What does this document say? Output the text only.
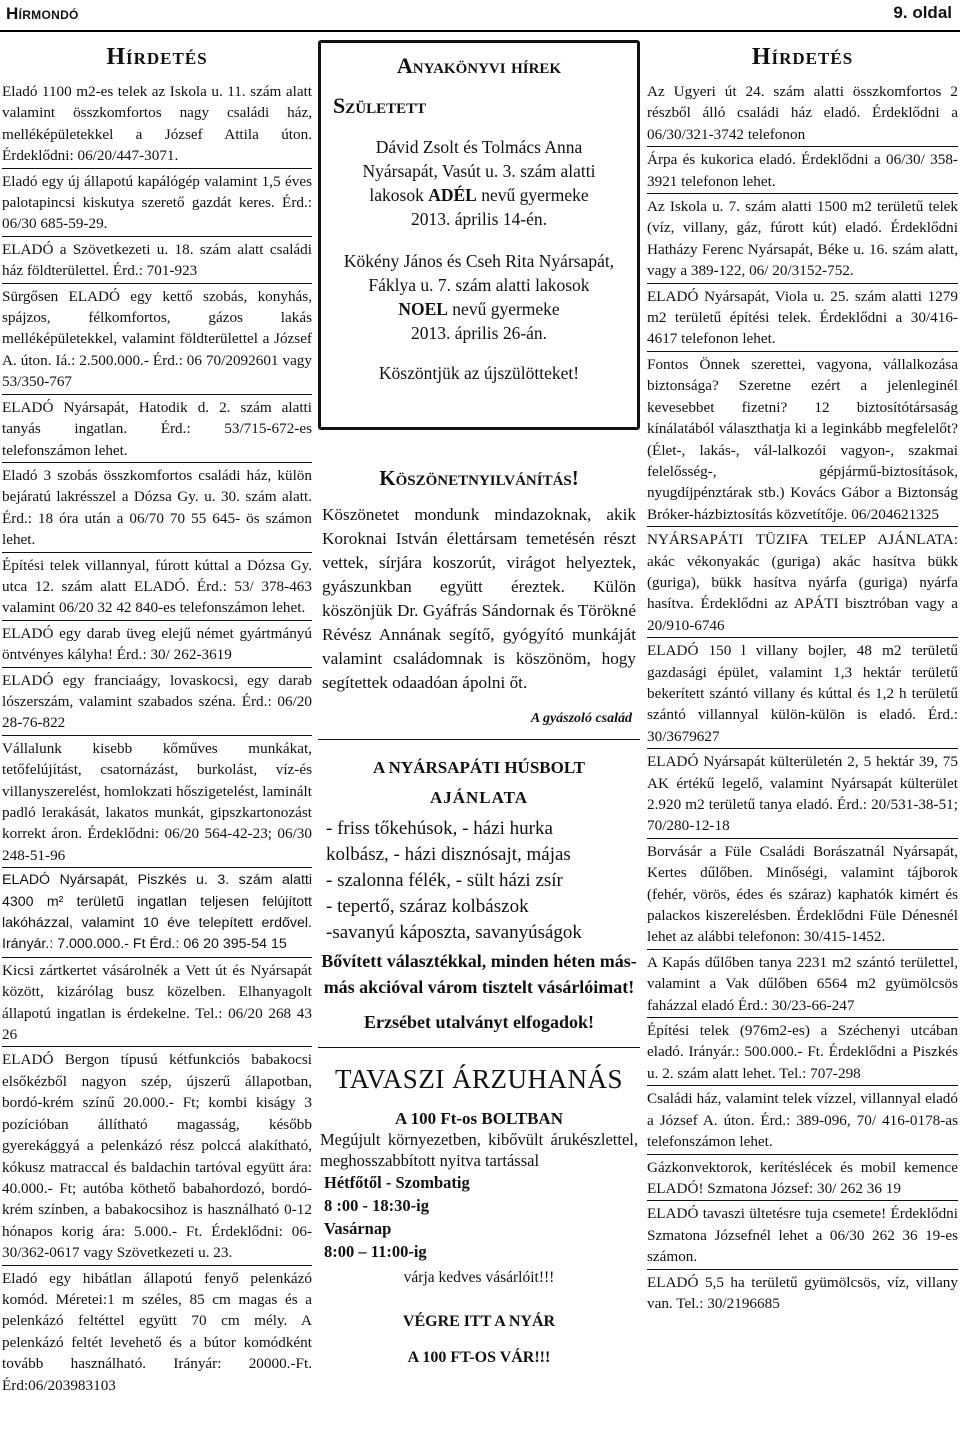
Hírmondó	9. oldal
Hírdetés
Eladó 1100 m2-es telek az Iskola u. 11. szám alatt valamint összkomfortos nagy családi ház, melléképületekkel a József Attila úton. Érdeklődni: 06/20/447-3071.
Eladó egy új állapotú kapálógép valamint 1,5 éves palotapincsi kiskutya szerető gazdát keres. Érd.: 06/30 685-59-29.
ELADÓ a Szövetkezeti u. 18. szám alatt családi ház földterülettel. Érd.: 701-923
Sürgősen ELADÓ egy kettő szobás, konyhás, spájzos, félkomfortos, gázos lakás melléképületekkel, valamint földterülettel a József A. úton. Iá.: 2.500.000.- Érd.: 06 70/2092601 vagy 53/350-767
ELADÓ Nyársapát, Hatodik d. 2. szám alatti tanyás ingatlan. Érd.: 53/715-672-es telefonszámon lehet.
Eladó 3 szobás összkomfortos családi ház, külön bejáratú lakrésszel a Dózsa Gy. u. 30. szám alatt. Érd.: 18 óra után a 06/70 70 55 645- ös számon lehet.
Építési telek villannyal, fúrott kúttal a Dózsa Gy. utca 12. szám alatt ELADÓ. Érd.: 53/ 378-463 valamint 06/20 32 42 840-es telefonszámon lehet.
ELADÓ egy darab üveg elejű német gyártmányú öntvényes kályha! Érd.: 30/ 262-3619
ELADÓ egy franciaágy, lovaskocsi, egy darab lószerszám, valamint szabados széna. Érd.: 06/20 28-76-822
Vállalunk kisebb kőműves munkákat, tetőfelújítást, csatornázást, burkolást, víz-és villanyszerelést, homlokzati hőszigetelést, laminált padló lerakását, lakatos munkát, gipszkartonozást korrekt áron. Érdeklődni: 06/20 564-42-23; 06/30 248-51-96
ELADÓ Nyársapát, Piszkés u. 3. szám alatti 4300 m² területű ingatlan teljesen felújított lakóházzal, valamint 10 éve telepített erdővel. Irányár.: 7.000.000.- Ft Érd.: 06 20 395-54 15
Kicsi zártkertet vásárolnék a Vett út és Nyársapát között, kizárólag busz közelben. Elhanyagolt állapotú ingatlan is érdekelne. Tel.: 06/20 268 43 26
ELADÓ Bergon típusú kétfunkciós babakocsi elsőkézből nagyon szép, újszerű állapotban, bordó-krém színű 20.000.- Ft; kombi kiságy 3 pozícióban állítható magasság, később gyerekággyá a pelenkázó rész polccá alakítható, kókusz matraccal és baldachin tartóval együtt ára: 40.000.- Ft; autóba köthető babahordozó, bordó-krém színben, a babakocsihoz is használható 0-12 hónapos korig ára: 5.000.- Ft. Érdeklődni: 06-30/362-0617 vagy Szövetkezeti u. 23.
Eladó egy hibátlan állapotú fenyő pelenkázó komód. Méretei:1 m széles, 85 cm magas és a pelenkázó feltéttel együtt 70 cm mély. A pelenkázó feltét levehető és a bútor komódként tovább használható. Irányár: 20000.-Ft. Érd:06/203983103
Anyakönyvi hírek
Született
Dávid Zsolt és Tolmács Anna
Nyársapát, Vasút u. 3. szám alatti
lakosok ADÉL nevű gyermeke
2013. április 14-én.
Kökény János és Cseh Rita Nyársapát,
Fáklya u. 7. szám alatti lakosok
NOEL nevű gyermeke
2013. április 26-án.
Köszöntjük az újszülötteket!
Köszönetnyilvánítás!
Köszönetet mondunk mindazoknak, akik Koroknai István élettársam temetésén részt vettek, sírjára koszorút, virágot helyeztek, gyászunkban együtt éreztek. Külön köszönjük Dr. Gyáfrás Sándornak és Törökné Révész Annának segítő, gyógyító munkáját valamint családomnak is köszönöm, hogy segítettek odaadóan ápolni őt.
A gyászoló család
A NYÁRSAPÁTI HÚSBOLT
AJÁNLATA
- friss tőkehúsok, - házi hurka
kolbász, - házi disznósajt, májas
- szalonna félék, - sült házi zsír
- tepertő, száraz kolbászok
-savanyú káposzta, savanyúságok
Bővített választékkal, minden héten más-más akcióval várom tisztelt vásárlóimat!
Erzsébet utalványt elfogadok!
TAVASZI ÁRZUHANÁS
A 100 Ft-os BOLTBAN
Megújult környezetben, kibővült árukészlettel, meghosszabbított nyitva tartással
Hétfőtől - Szombatig
8 :00 - 18:30-ig
Vasárnap
8:00 – 11:00-ig
várja kedves vásárlóit!!!
VÉGRE ITT A NYÁR
A 100 FT-OS VÁR!!!
Hírdetés
Az Ugyeri út 24. szám alatti összkomfortos 2 részből álló családi ház eladó. Érdeklődni a 06/30/321-3742 telefonon
Árpa és kukorica eladó. Érdeklődni a 06/30/ 358-3921 telefonon lehet.
Az Iskola u. 7. szám alatti 1500 m2 területű telek (víz, villany, gáz, fúrott kút) eladó. Érdeklődni Hatházy Ferenc Nyársapát, Béke u. 16. szám alatt, vagy a 389-122, 06/ 20/3152-752.
ELADÓ Nyársapát, Viola u. 25. szám alatti 1279 m2 területű építési telek. Érdeklődni a 30/416-4617 telefonon lehet.
Fontos Önnek szerettei, vagyona, vállalkozása biztonsága? Szeretne ezért a jelenleginél kevesebbet fizetni? 12 biztosítótársaság kínálatából választhatja ki a leginkább megfelelőt? (Élet-, lakás-, vál-lalkozói vagyon-, szakmai felelősség-, gépjármű-biztosítások, nyugdíjpénztárak stb.) Kovács Gábor a Biztonság Bróker-házbiztosítás közvetítője. 06/204621325
NYÁRSAPÁTI TÜZIFA TELEP AJÁNLATA: akác vékonyakác (guriga) akác hasítva bükk (guriga), bükk hasítva nyárfa (guriga) nyárfa hasítva. Érdeklődni az APÁTI bisztróban vagy a 20/910-6746
ELADÓ 150 l villany bojler, 48 m2 területű gazdasági épület, valamint 1,3 hektár területű bekerített szántó villany és kúttal és 1,2 h területű szántó villannyal külön-külön is eladó. Érd.: 30/3679627
ELADÓ Nyársapát külterületén 2, 5 hektár 39, 75 AK értékű legelő, valamint Nyársapát külterület 2.920 m2 területű tanya eladó. Érd.: 20/531-38-51; 70/280-12-18
Borvásár a Füle Családi Borászatnál Nyársapát, Kertes dűlőben. Minőségi, valamint tájborok (fehér, vörös, édes és száraz) kaphatók kimért és palackos kiszerelésben. Érdeklődni Füle Dénesnél lehet az alábbi telefonon: 30/415-1452.
A Kapás dűlőben tanya 2231 m2 szántó területtel, valamint a Vak dűlőben 6564 m2 gyümölcsös faházzal eladó Érd.: 30/23-66-247
Építési telek (976m2-es) a Széchenyi utcában eladó. Irányár.: 500.000.- Ft. Érdeklődni a Piszkés u. 2. szám alatt lehet. Tel.: 707-298
Családi ház, valamint telek vízzel, villannyal eladó a József A. úton. Érd.: 389-096, 70/ 416-0178-as telefonszámon lehet.
Gázkonvektorok, kerítéslécek és mobil kemence ELADÓ! Szmatona József: 30/ 262 36 19
ELADÓ tavaszi ültetésre tuja csemete! Érdeklődni Szmatona Józsefnél lehet a 06/30 262 36 19-es számon.
ELADÓ 5,5 ha területű gyümölcsös, víz, villany van. Tel.: 30/2196685
